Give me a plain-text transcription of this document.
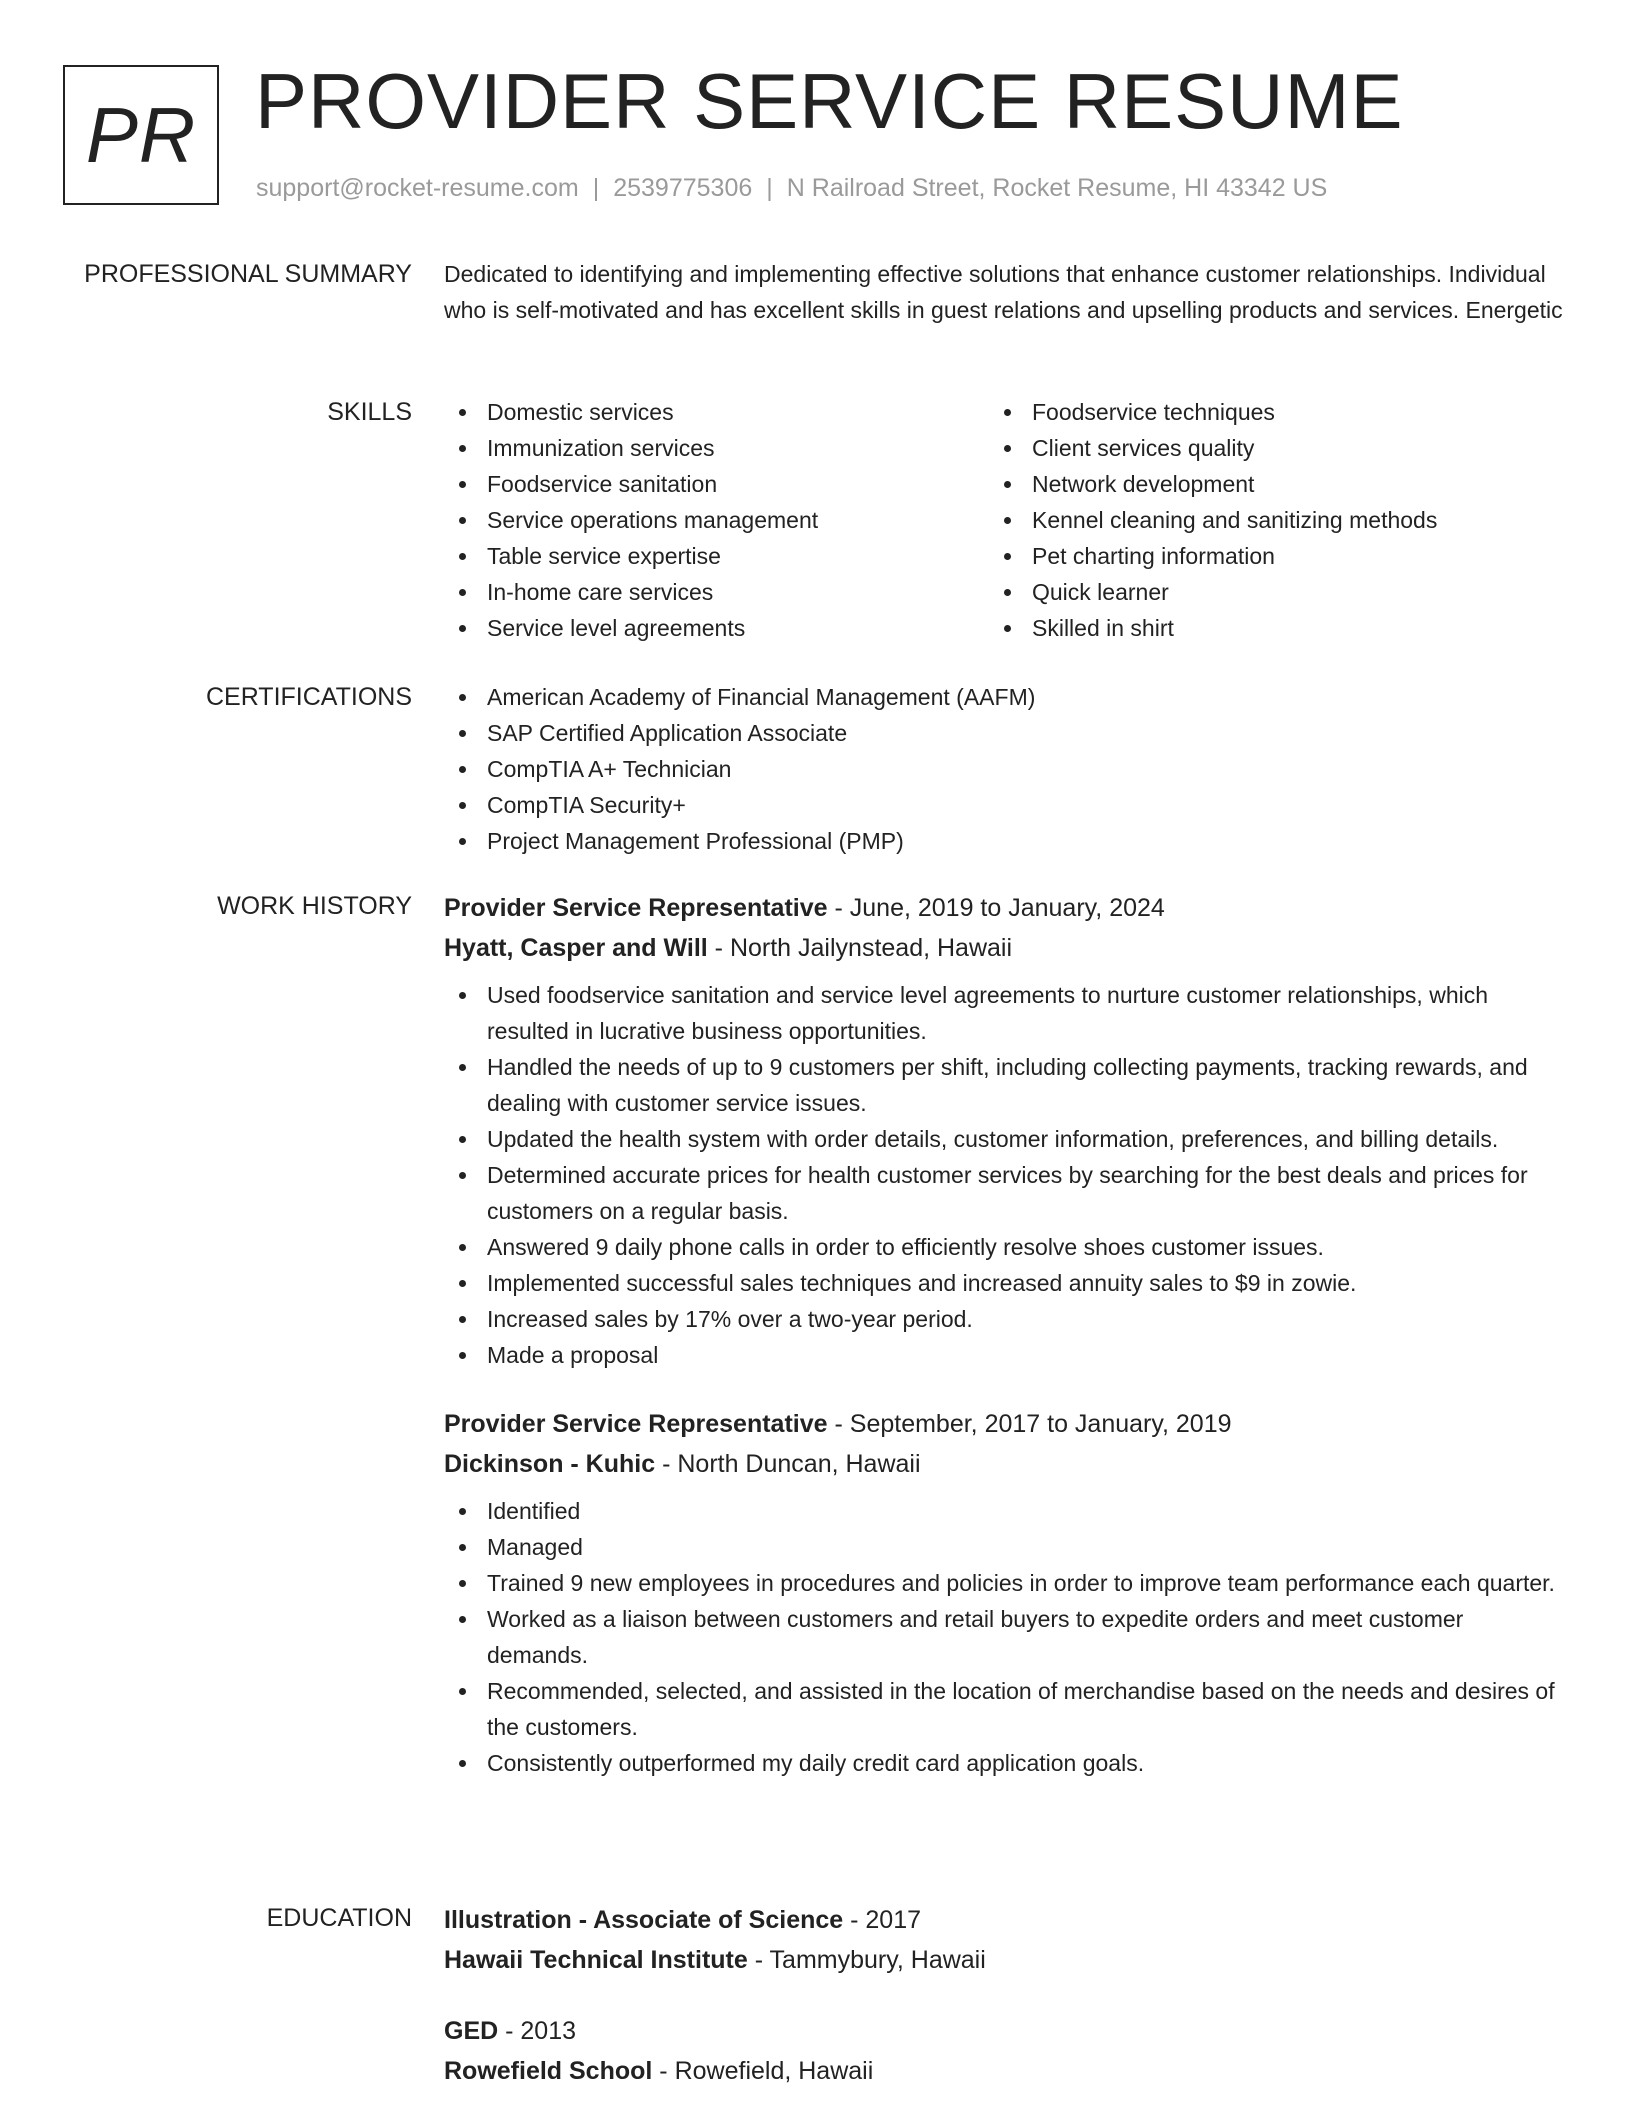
PR PROVIDER SERVICE RESUME
support@rocket-resume.com | 2539775306 | N Railroad Street, Rocket Resume, HI 43342 US
PROFESSIONAL SUMMARY Dedicated to identifying and implementing effective solutions that enhance customer relationships. Individual who is self-motivated and has excellent skills in guest relations and upselling products and services. Energetic

SKILLS	Domestic services
Immunization services
Foodservice sanitation
Service operations management
Table service expertise
In-home care services
Service level agreements
Foodservice techniques
Client services quality
Network development
Kennel cleaning and sanitizing methods
Pet charting information
Quick learner
Skilled in shirt
CERTIFICATIONS	American Academy of Financial Management (AAFM)
SAP Certified Application Associate
CompTIA A+ Technician
CompTIA Security+
Project Management Professional (PMP)
WORK HISTORY Provider Service Representative - June, 2019 to January, 2024
Hyatt, Casper and Will - North Jailynstead, Hawaii
Used foodservice sanitation and service level agreements to nurture customer relationships, which resulted in lucrative business opportunities.
Handled the needs of up to 9 customers per shift, including collecting payments, tracking rewards, and dealing with customer service issues.
Updated the health system with order details, customer information, preferences, and billing details.
Determined accurate prices for health customer services by searching for the best deals and prices for customers on a regular basis.
Answered 9 daily phone calls in order to efficiently resolve shoes customer issues.
Implemented successful sales techniques and increased annuity sales to $9 in zowie.
Increased sales by 17% over a two-year period.
Made a proposal
Provider Service Representative - September, 2017 to January, 2019
Dickinson - Kuhic - North Duncan, Hawaii
Identified
Managed
Trained 9 new employees in procedures and policies in order to improve team performance each quarter.
Worked as a liaison between customers and retail buyers to expedite orders and meet customer demands.
Recommended, selected, and assisted in the location of merchandise based on the needs and desires of the customers.
Consistently outperformed my daily credit card application goals.
EDUCATION Illustration - Associate of Science - 2017
Hawaii Technical Institute - Tammybury, Hawaii
GED - 2013
Rowefield School - Rowefield, Hawaii
